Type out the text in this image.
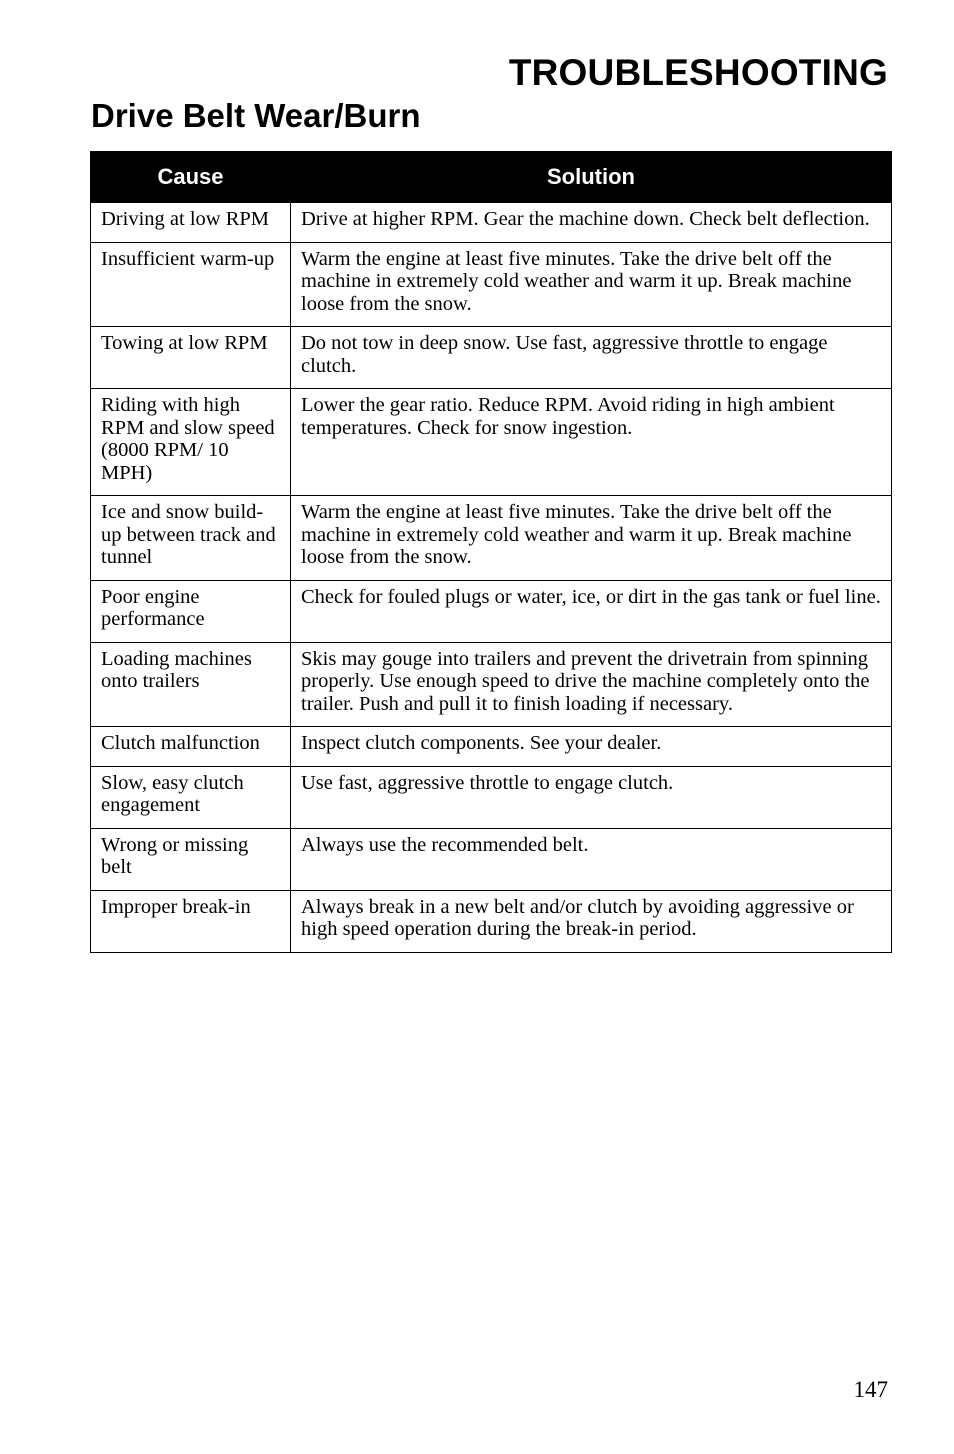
TROUBLESHOOTING
Drive Belt Wear/Burn
Cause	Solution
Driving at low RPM	Drive at higher RPM. Gear the machine down. Check belt deflection.
Insufficient warm-up	Warm the engine at least five minutes. Take the drive belt off the machine in extremely cold weather and warm it up. Break machine loose from the snow.
Towing at low RPM	Do not tow in deep snow. Use fast, aggressive throttle to engage clutch.
Riding with high RPM and slow speed (8000 RPM/ 10 MPH)	Lower the gear ratio. Reduce RPM. Avoid riding in high ambient temperatures. Check for snow ingestion.
Ice and snow build-up between track and tunnel	Warm the engine at least five minutes. Take the drive belt off the machine in extremely cold weather and warm it up. Break machine loose from the snow.
Poor engine performance	Check for fouled plugs or water, ice, or dirt in the gas tank or fuel line.
Loading machines onto trailers	Skis may gouge into trailers and prevent the drivetrain from spinning properly. Use enough speed to drive the machine completely onto the trailer. Push and pull it to finish loading if necessary.
Clutch malfunction	Inspect clutch components. See your dealer.
Slow, easy clutch engagement	Use fast, aggressive throttle to engage clutch.
Wrong or missing belt	Always use the recommended belt.
Improper break-in	Always break in a new belt and/or clutch by avoiding aggressive or high speed operation during the break-in period.

147
